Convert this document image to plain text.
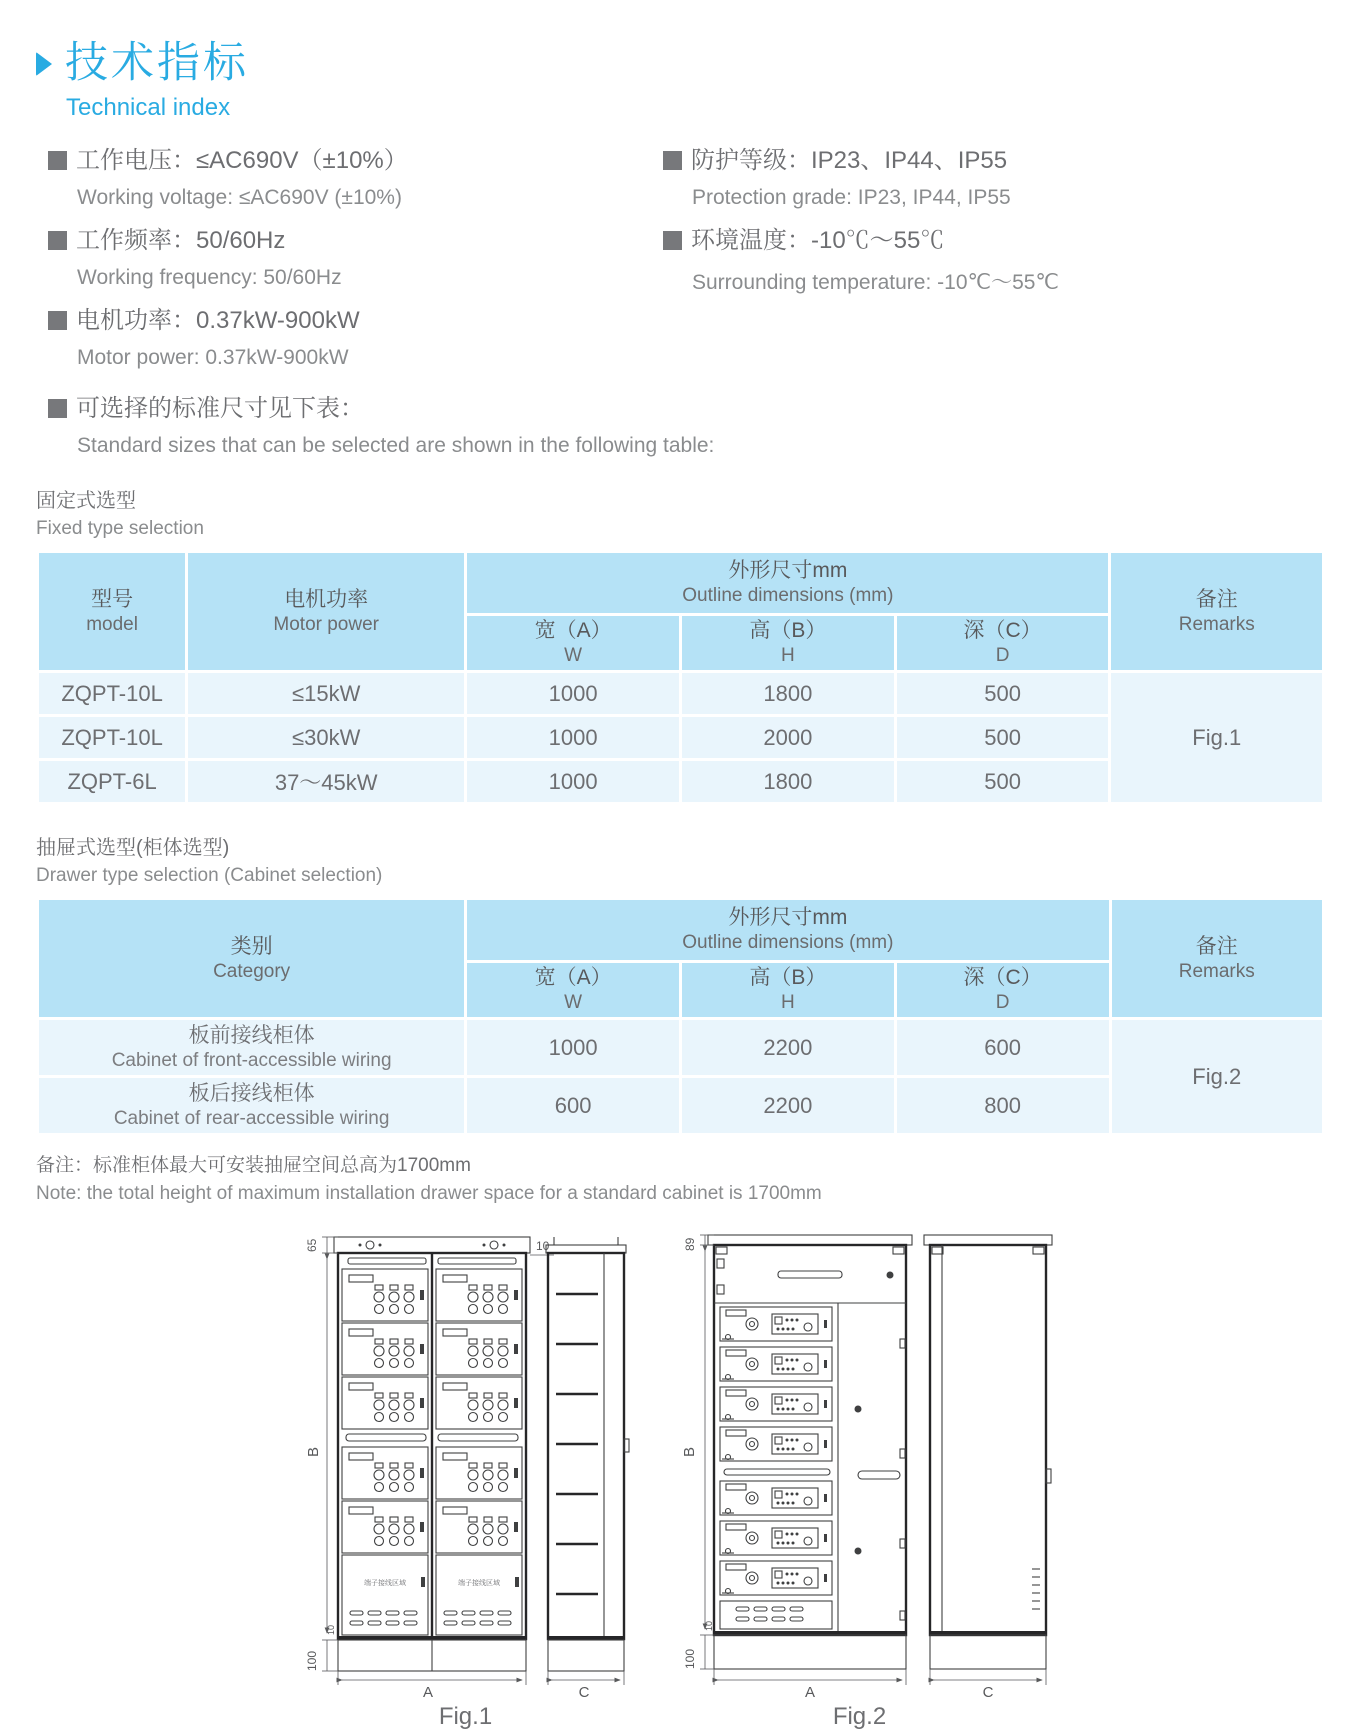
技术指标
Technical index
工作电压：≤AC690V（±10%）
Working voltage: ≤AC690V (±10%)
工作频率：50/60Hz
Working frequency: 50/60Hz
电机功率：0.37kW-900kW
Motor power: 0.37kW-900kW
防护等级：IP23、IP44、IP55
Protection grade: IP23, IP44, IP55
环境温度：-10℃～55℃
Surrounding temperature: -10℃～55℃
可选择的标准尺寸见下表：
Standard sizes that can be selected are shown in the following table:
固定式选型
Fixed type selection
型号
model

电机功率
Motor power

外形尺寸mm
Outline dimensions (mm)	备注
Remarks

宽（A）
W

高（B）
H

深（C）
D

ZQPT-10L	≤15kW	1000	1800	500	Fig.1
ZQPT-10L	≤30kW	1000	2000	500	
ZQPT-6L	37～45kW	1000	1800	500	
抽屉式选型(柜体选型)
Drawer type selection (Cabinet selection)
类别
Category

外形尺寸mm
Outline dimensions (mm)	备注
Remarks

宽（A）
W

高（B）
H

深（C）
D

板前接线柜体
Cabinet of front-accessible wiring	1000	2200	600	Fig.2

板后接线柜体
Cabinet of rear-accessible wiring	600	2200	800	
备注：标准柜体最大可安装抽屉空间总高为1700mm
Note: the total height of maximum installation drawer space for a standard cabinet is 1700mm
端子接线区域	端子接线区域
65
B
10
100
10
A	C
Fig.1
89
B
10
100
A	C
Fig.2
